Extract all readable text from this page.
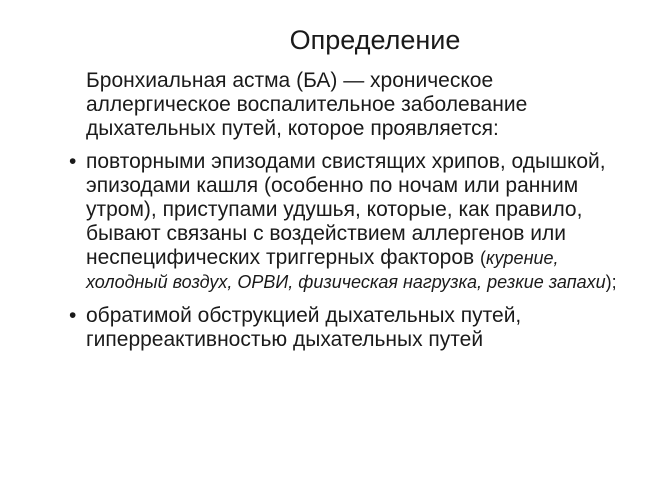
Определение

Бронхиальная астма (БА) — хроническое аллергическое воспалительное заболевание дыхательных путей, которое проявляется:

• повторными эпизодами свистящих хрипов, одышкой, эпизодами кашля (особенно по ночам или ранним утром), приступами удушья, которые, как правило, бывают связаны с воздействием аллергенов или неспецифических триггерных факторов (курение, холодный воздух, ОРВИ, физическая нагрузка, резкие запахи);
• обратимой обструкцией дыхательных путей, гиперреактивностью дыхательных путей
